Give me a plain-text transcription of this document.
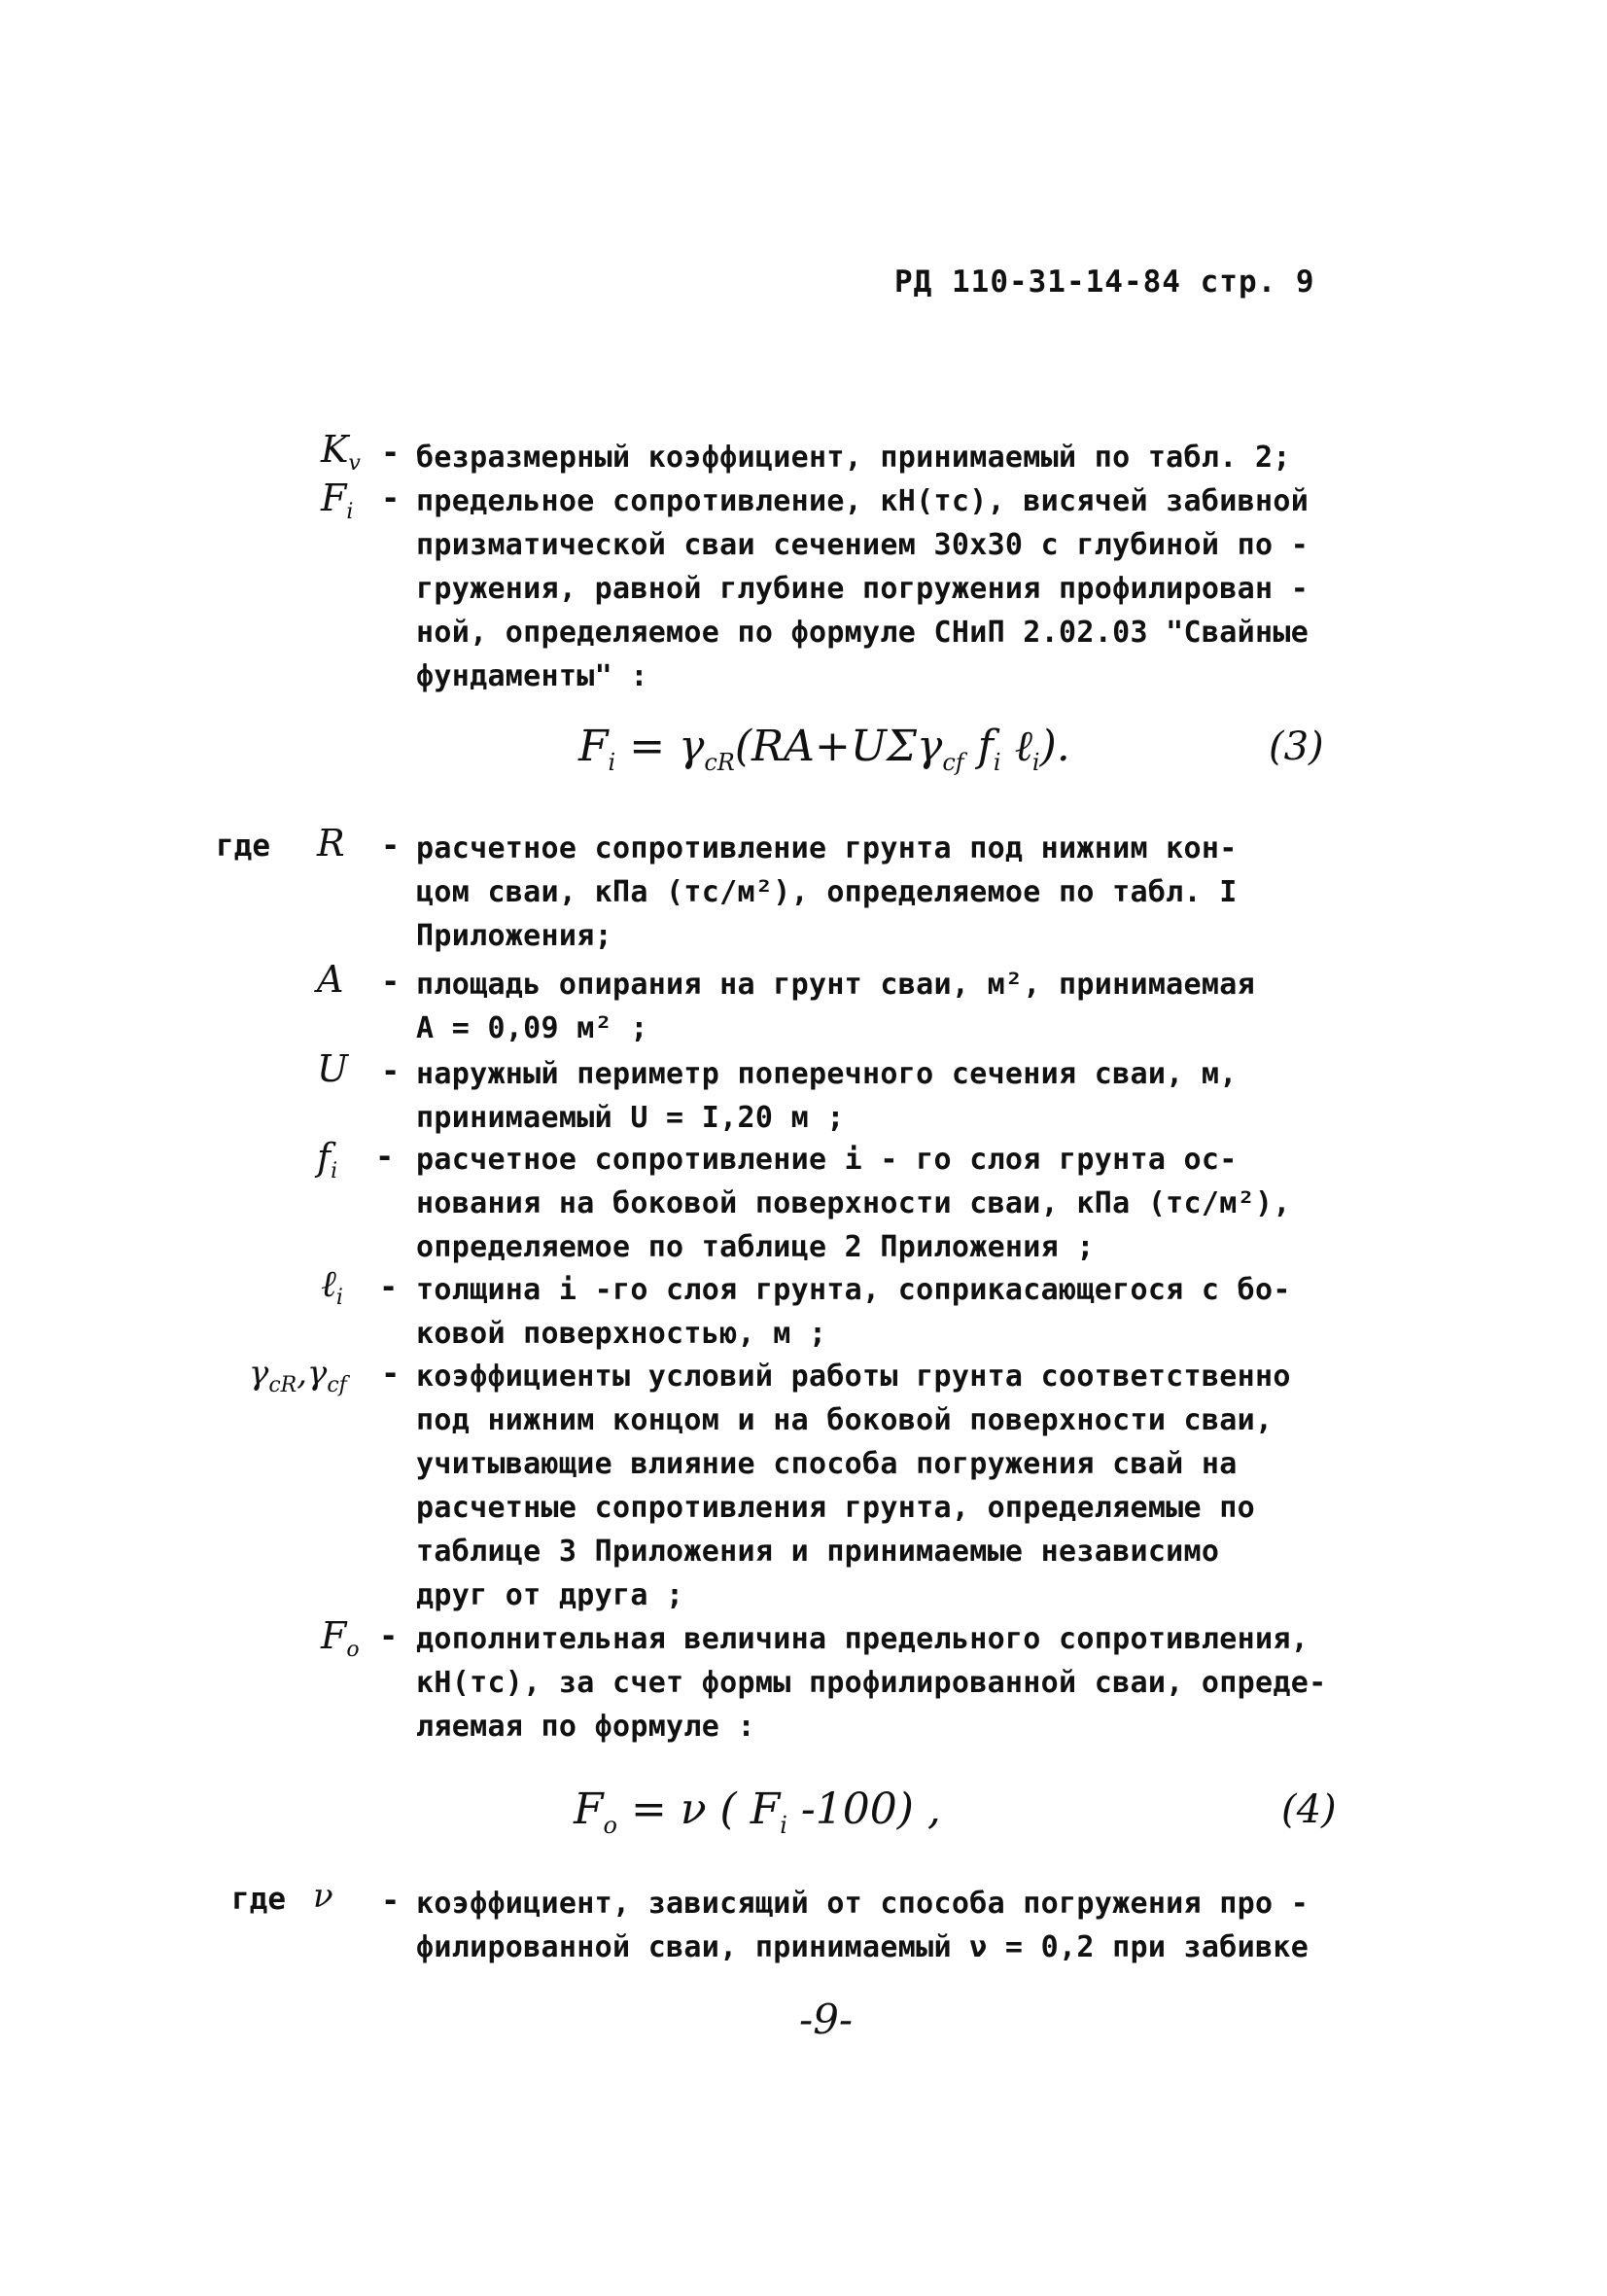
РД 110-31-14-84 стр. 9
$K_v$ - безразмерный коэффициент, принимаемый по табл. 2;
$F_i$ - предельное сопротивление, кН(тс), висячей забивной
призматической сваи сечением 30х30 с глубиной по -
гружения, равной глубине погружения профилирован -
ной, определяемое по формуле СНиП 2.02.03 "Свайные
фундаменты" :
$F_i = \gamma_{cR}(RA+U\Sigma\gamma_{cf}$ $f_i$ ℓ$_i$).	(3)
где R - расчетное сопротивление грунта под нижним кон-
цом сваи, кПа (тс/м²), определяемое по табл. I
Приложения;
A - площадь опирания на грунт сваи, м², принимаемая
A = 0,09 м² ;
U - наружный периметр поперечного сечения сваи, м,
принимаемый U = I,20 м ;
$f_i$ - расчетное сопротивление i - го слоя грунта ос-
нования на боковой поверхности сваи, кПа (тс/м²),
определяемое по таблице 2 Приложения ;
ℓ$_i$ - толщина i -го слоя грунта, соприкасающегося с бо-
ковой поверхностью, м ;
$\gamma_{cR},\gamma_{cf}$ - коэффициенты условий работы грунта соответственно
под нижним концом и на боковой поверхности сваи,
учитывающие влияние способа погружения свай на
расчетные сопротивления грунта, определяемые по
таблице 3 Приложения и принимаемые независимо
друг от друга ;
$F_o$ - дополнительная величина предельного сопротивления,
кН(тс), за счет формы профилированной сваи, опреде-
ляемая по формуле :
$F_o = \nu$ ( $F_i$ -100) ,	(4)
где ν - коэффициент, зависящий от способа погружения про -
филированной сваи, принимаемый ν = 0,2 при забивке
-9-
